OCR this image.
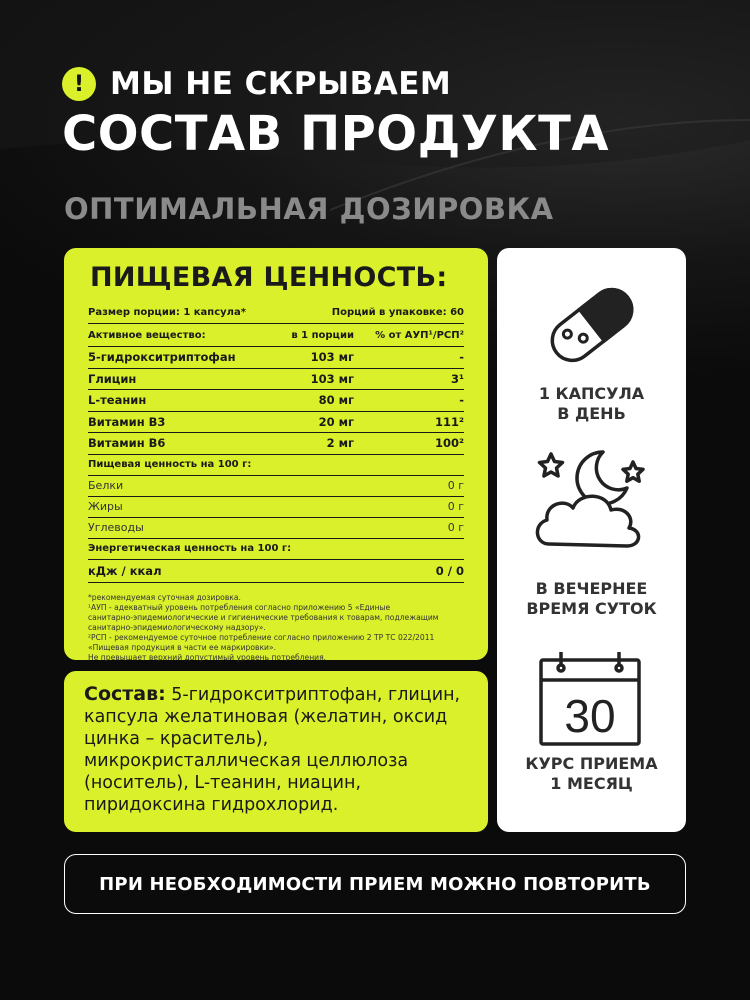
! МЫ НЕ СКРЫВАЕМ
СОСТАВ ПРОДУКТА
ОПТИМАЛЬНАЯ ДОЗИРОВКА
ПИЩЕВАЯ ЦЕННОСТЬ:
Размер порции: 1 капсула*	Порций в упаковке: 60
Активное вещество:	в 1 порции	% от АУП¹/РСП²
5-гидрокситриптофан	103 мг	-
Глицин	103 мг	3¹
L-теанин	80 мг	-
Витамин В3	20 мг	111²
Витамин В6	2 мг	100²
Пищевая ценность на 100 г:
Белки	0 г
Жиры	0 г
Углеводы	0 г
Энергетическая ценность на 100 г:
кДж / ккал	0 / 0
*рекомендуемая суточная дозировка.
¹АУП - адекватный уровень потребления согласно приложению 5 «Единые
санитарно-эпидемиологические и гигиенические требования к товарам, подлежащим
санитарно-эпидемиологическому надзору».
²РСП - рекомендуемое суточное потребление согласно приложению 2 ТР ТС 022/2011
«Пищевая продукция в части ее маркировки».
Не превышает верхний допустимый уровень потребления.
Состав: 5-гидрокситриптофан, глицин, капсула желатиновая (желатин, оксид цинка – краситель), микрокристаллическая целлюлоза (носитель), L-теанин, ниацин, пиридоксина гидрохлорид.
1 КАПСУЛА
В ДЕНЬ
В ВЕЧЕРНЕЕ
ВРЕМЯ СУТОК
30
КУРС ПРИЕМА
1 МЕСЯЦ
ПРИ НЕОБХОДИМОСТИ ПРИЕМ МОЖНО ПОВТОРИТЬ
